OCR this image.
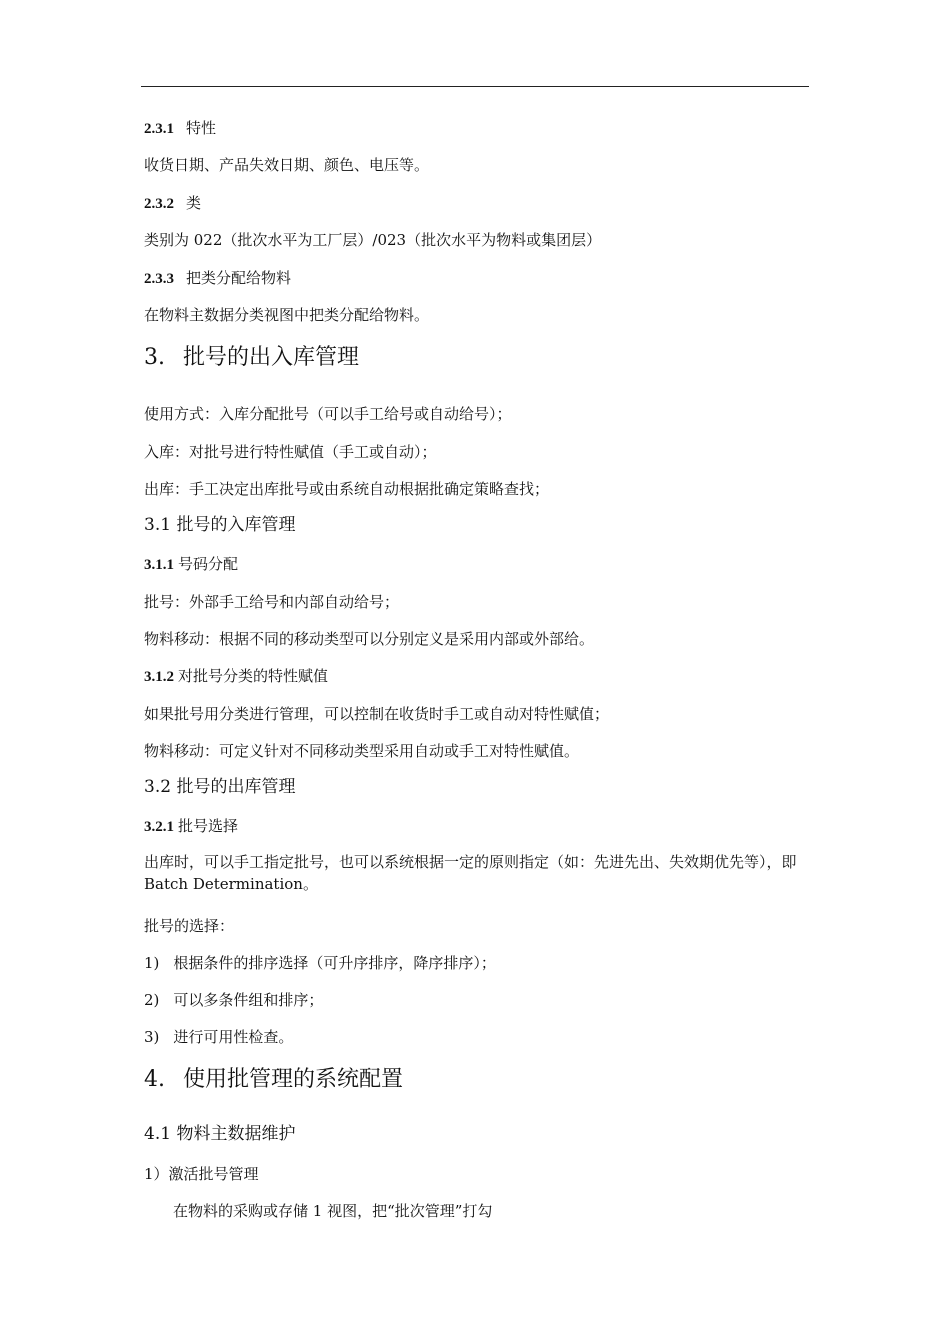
2.3.1 特性
收货日期、产品失效日期、颜色、电压等。
2.3.2 类
类别为 022（批次水平为工厂层）/023（批次水平为物料或集团层）
2.3.3 把类分配给物料
在物料主数据分类视图中把类分配给物料。
3. 批号的出入库管理
使用方式：入库分配批号（可以手工给号或自动给号）；
入库：对批号进行特性赋值（手工或自动）；
出库：手工决定出库批号或由系统自动根据批确定策略查找；
3.1 批号的入库管理
3.1.1 号码分配
批号：外部手工给号和内部自动给号；
物料移动：根据不同的移动类型可以分别定义是采用内部或外部给。
3.1.2 对批号分类的特性赋值
如果批号用分类进行管理，可以控制在收货时手工或自动对特性赋值；
物料移动：可定义针对不同移动类型采用自动或手工对特性赋值。
3.2 批号的出库管理
3.2.1 批号选择
出库时，可以手工指定批号，也可以系统根据一定的原则指定（如：先进先出、失效期优先等），即 Batch Determination。
批号的选择：
1) 根据条件的排序选择（可升序排序，降序排序）；
2) 可以多条件组和排序；
3) 进行可用性检查。
4. 使用批管理的系统配置
4.1 物料主数据维护
1）激活批号管理
在物料的采购或存储 1 视图，把“批次管理”打勾
